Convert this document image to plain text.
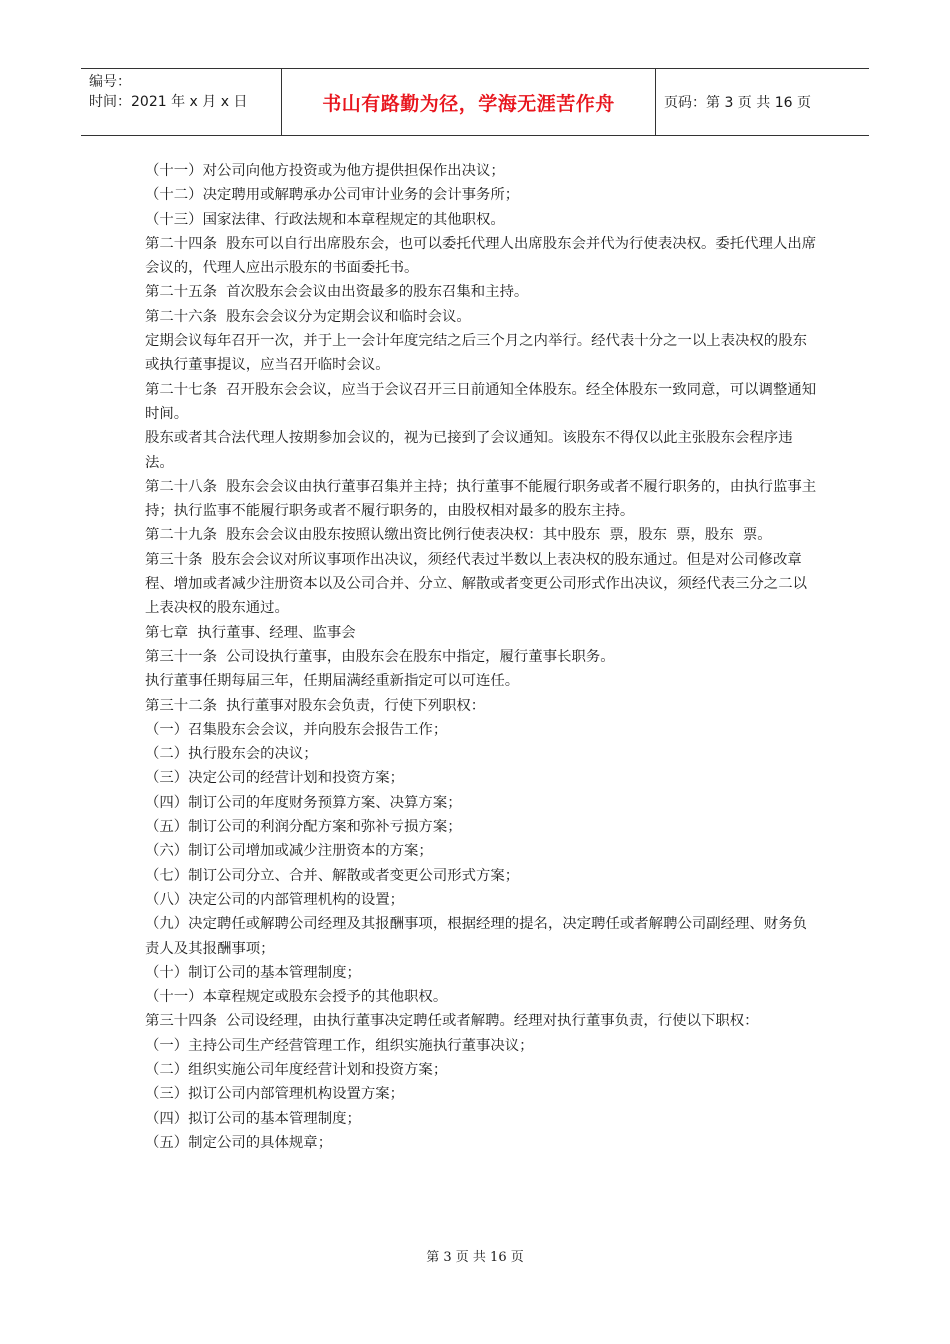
编号：
时间：2021 年 x 月 x 日	书山有路勤为径，学海无涯苦作舟	页码：第 3 页 共 16 页

（十一）对公司向他方投资或为他方提供担保作出决议；

（十二）决定聘用或解聘承办公司审计业务的会计事务所；

（十三）国家法律、行政法规和本章程规定的其他职权。

第二十四条  股东可以自行出席股东会，也可以委托代理人出席股东会并代为行使表决权。委托代理人出席会议的，代理人应出示股东的书面委托书。

第二十五条  首次股东会会议由出资最多的股东召集和主持。

第二十六条  股东会会议分为定期会议和临时会议。

定期会议每年召开一次，并于上一会计年度完结之后三个月之内举行。经代表十分之一以上表决权的股东或执行董事提议，应当召开临时会议。

第二十七条  召开股东会会议，应当于会议召开三日前通知全体股东。经全体股东一致同意，可以调整通知时间。

股东或者其合法代理人按期参加会议的，视为已接到了会议通知。该股东不得仅以此主张股东会程序违法。

第二十八条  股东会会议由执行董事召集并主持；执行董事不能履行职务或者不履行职务的，由执行监事主持；执行监事不能履行职务或者不履行职务的，由股权相对最多的股东主持。

第二十九条  股东会会议由股东按照认缴出资比例行使表决权：其中股东  票，股东  票，股东  票。

第三十条  股东会会议对所议事项作出决议，须经代表过半数以上表决权的股东通过。但是对公司修改章程、增加或者减少注册资本以及公司合并、分立、解散或者变更公司形式作出决议，须经代表三分之二以上表决权的股东通过。

第七章  执行董事、经理、监事会

第三十一条  公司设执行董事，由股东会在股东中指定，履行董事长职务。

执行董事任期每届三年，任期届满经重新指定可以可连任。

第三十二条  执行董事对股东会负责，行使下列职权：

（一）召集股东会会议，并向股东会报告工作；

（二）执行股东会的决议；

（三）决定公司的经营计划和投资方案；

（四）制订公司的年度财务预算方案、决算方案；

（五）制订公司的利润分配方案和弥补亏损方案；

（六）制订公司增加或减少注册资本的方案；

（七）制订公司分立、合并、解散或者变更公司形式方案；

（八）决定公司的内部管理机构的设置；

（九）决定聘任或解聘公司经理及其报酬事项，根据经理的提名，决定聘任或者解聘公司副经理、财务负责人及其报酬事项；

（十）制订公司的基本管理制度；

（十一）本章程规定或股东会授予的其他职权。

第三十四条  公司设经理，由执行董事决定聘任或者解聘。经理对执行董事负责，行使以下职权：

（一）主持公司生产经营管理工作，组织实施执行董事决议；

（二）组织实施公司年度经营计划和投资方案；

（三）拟订公司内部管理机构设置方案；

（四）拟订公司的基本管理制度；

（五）制定公司的具体规章；

第 3 页 共 16 页
